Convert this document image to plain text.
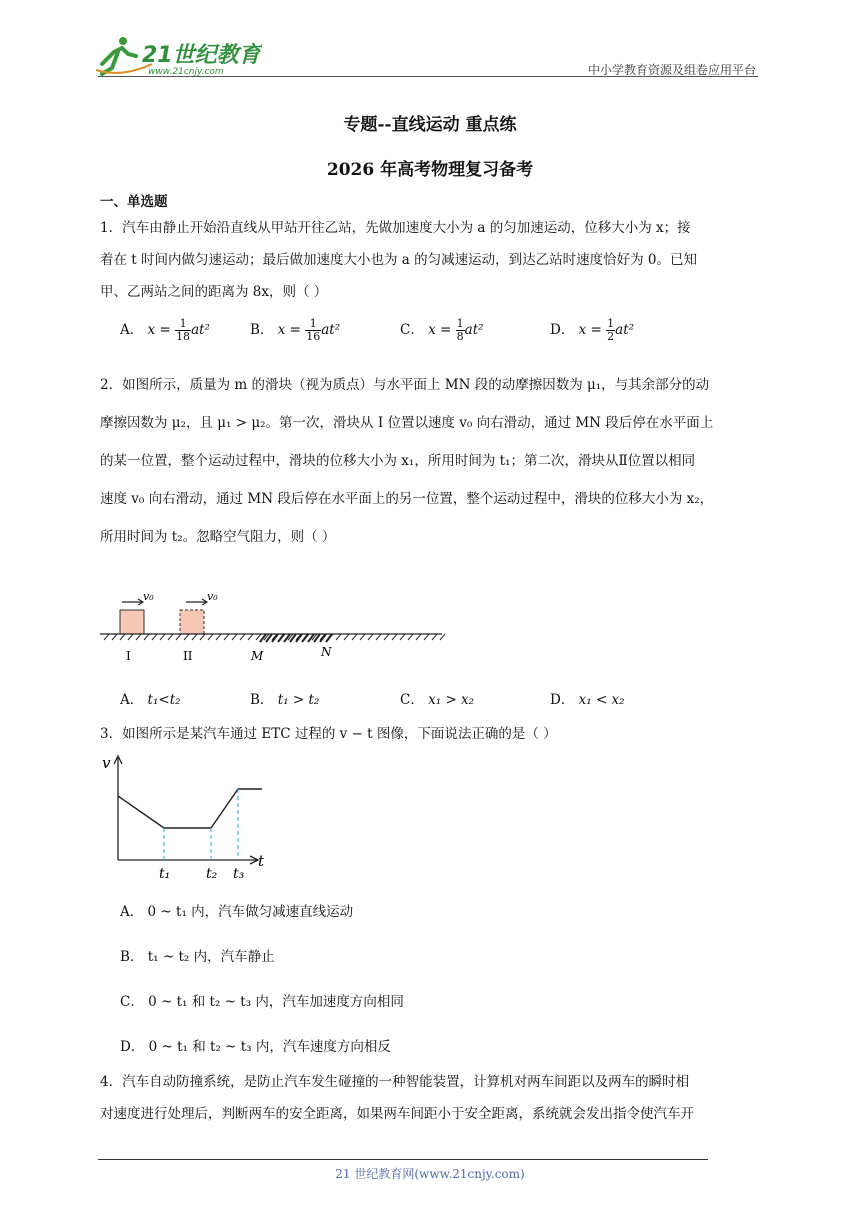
21世纪教育
www.21cnjy.com	中小学教育资源及组卷应用平台
专题--直线运动 重点练
2026 年高考物理复习备考
一、单选题
1．汽车由静止开始沿直线从甲站开往乙站，先做加速度大小为 a 的匀加速运动，位移大小为 x；接
着在 t 时间内做匀速运动；最后做加速度大小也为 a 的匀减速运动，到达乙站时速度恰好为 0。已知
甲、乙两站之间的距离为 8x，则（ ）
A． $x = \frac{1}{18} at^2$	B． $x = \frac{1}{16} at^2$	C． $x = \frac{1}{8} at^2$	D． $x = \frac{1}{2} at^2$
2．如图所示，质量为 m 的滑块（视为质点）与水平面上 MN 段的动摩擦因数为 μ₁，与其余部分的动
摩擦因数为 μ₂，且 μ₁ > μ₂。第一次，滑块从 I 位置以速度 v₀ 向右滑动，通过 MN 段后停在水平面上
的某一位置，整个运动过程中，滑块的位移大小为 x₁，所用时间为 t₁；第二次，滑块从Ⅱ位置以相同
速度 v₀ 向右滑动，通过 MN 段后停在水平面上的另一位置，整个运动过程中，滑块的位移大小为 x₂，
所用时间为 t₂。忽略空气阻力，则（ ）
v₀	v₀
I	II	M	N
A． t₁<t₂	B． t₁ > t₂	C． x₁ > x₂	D． x₁ < x₂
3．如图所示是某汽车通过 ETC 过程的 v − t 图像，下面说法正确的是（ ）
v
t
t₁	t₂ t₃
A． 0 ~ t₁ 内，汽车做匀减速直线运动
B． t₁ ~ t₂ 内，汽车静止
C． 0 ~ t₁ 和 t₂ ~ t₃ 内，汽车加速度方向相同
D． 0 ~ t₁ 和 t₂ ~ t₃ 内，汽车速度方向相反
4．汽车自动防撞系统，是防止汽车发生碰撞的一种智能装置，计算机对两车间距以及两车的瞬时相
对速度进行处理后，判断两车的安全距离，如果两车间距小于安全距离，系统就会发出指令使汽车开
21 世纪教育网(www.21cnjy.com)
